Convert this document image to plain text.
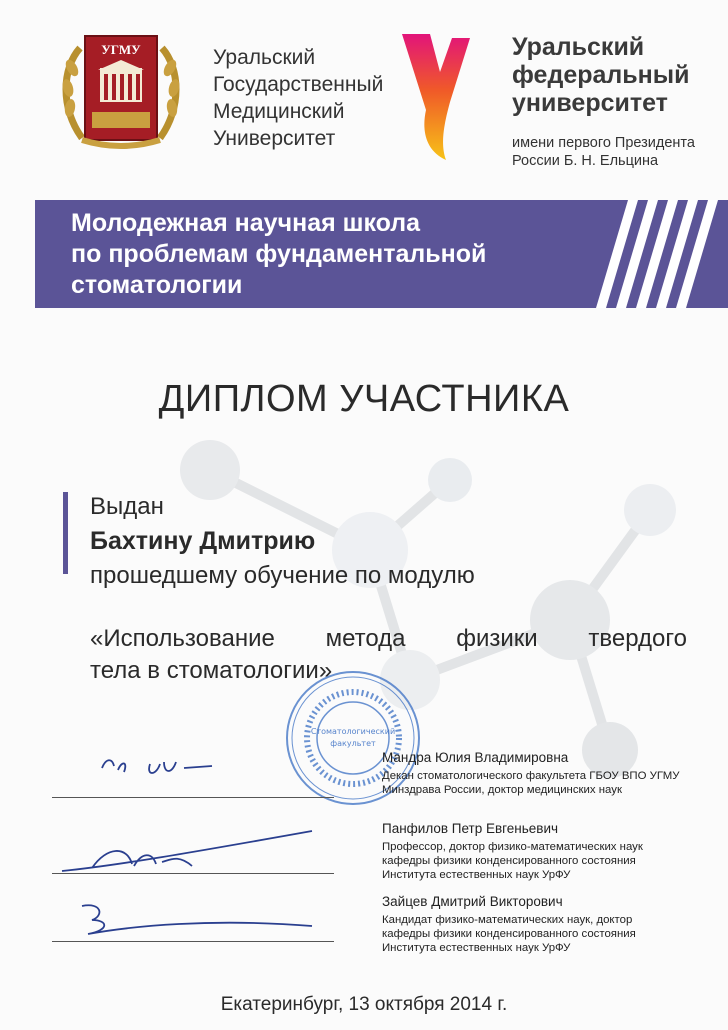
УГМУ	Уральский
Государственный
Медицинский
Университет
Уральский
федеральный
университет
имени первого Президента
России Б. Н. Ельцина
Молодежная научная школа
по проблемам фундаментальной
стоматологии
ДИПЛОМ УЧАСТНИКА
Выдан
Бахтину Дмитрию
прошедшему обучение по модулю
«Использование метода физики твердого
тела в стоматологии»
Стоматологический
факультет
Мандра Юлия Владимировна
Декан стоматологического факультета ГБОУ ВПО УГМУ
Минздрава России, доктор медицинских наук
Панфилов Петр Евгеньевич
Профессор, доктор физико-математических наук
кафедры физики конденсированного состояния
Института естественных наук УрФУ
Зайцев Дмитрий Викторович
Кандидат физико-математических наук, доктор
кафедры физики конденсированного состояния
Института естественных наук УрФУ
Екатеринбург, 13 октября 2014 г.
